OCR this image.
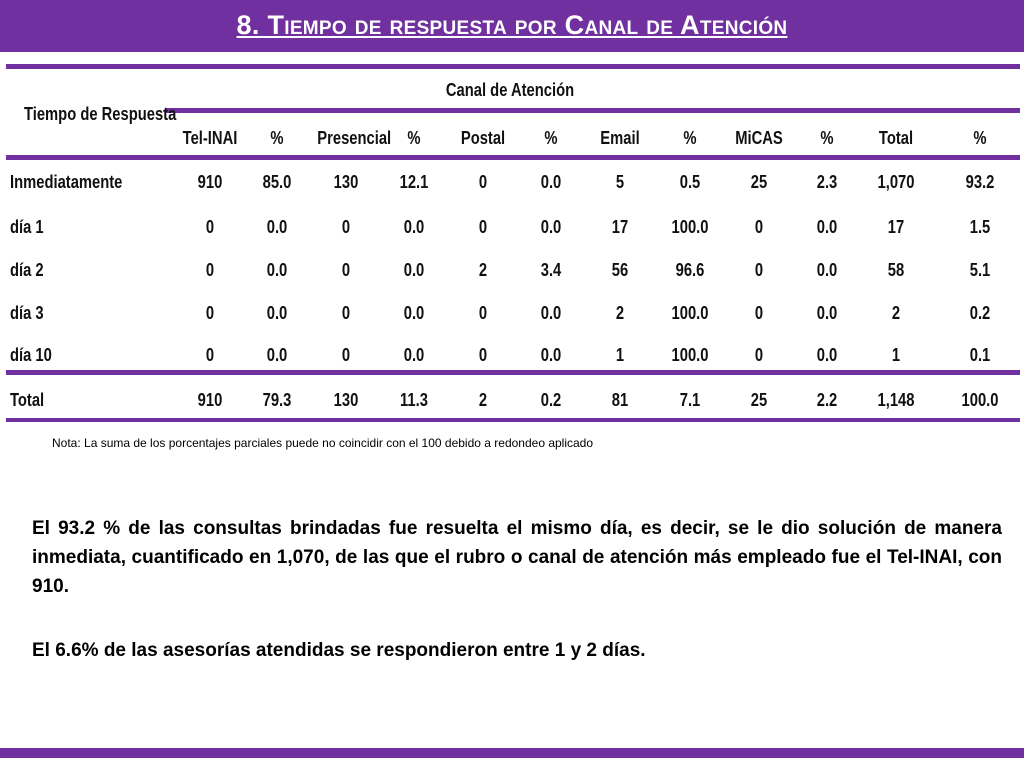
8. Tiempo de respuesta por Canal de Atención
Tiempo de Respuesta
Canal de Atención
Tel-INAI	%	Presencial %	Postal	%	Email	%	MiCAS	%	Total	%
Inmediatamente	910	85.0	130	12.1	0	0.0	5	0.5	25	2.3	1,070	93.2
día 1	0	0.0	0	0.0	0	0.0	17	100.0	0	0.0	17	1.5
día 2	0	0.0	0	0.0	2	3.4	56	96.6	0	0.0	58	5.1
día 3	0	0.0	0	0.0	0	0.0	2	100.0	0	0.0	2	0.2
día 10	0	0.0	0	0.0	0	0.0	1	100.0	0	0.0	1	0.1
Total	910	79.3	130	11.3	2	0.2	81	7.1	25	2.2	1,148	100.0
Nota: La suma de los porcentajes parciales puede no coincidir con el 100 debido a redondeo aplicado
El 93.2 % de las consultas brindadas fue resuelta el mismo día, es decir, se le dio solución de manera inmediata, cuantificado en 1,070, de las que el rubro o canal de atención más empleado fue el Tel-INAI, con 910.
El 6.6% de las asesorías atendidas se respondieron entre 1 y 2 días.
